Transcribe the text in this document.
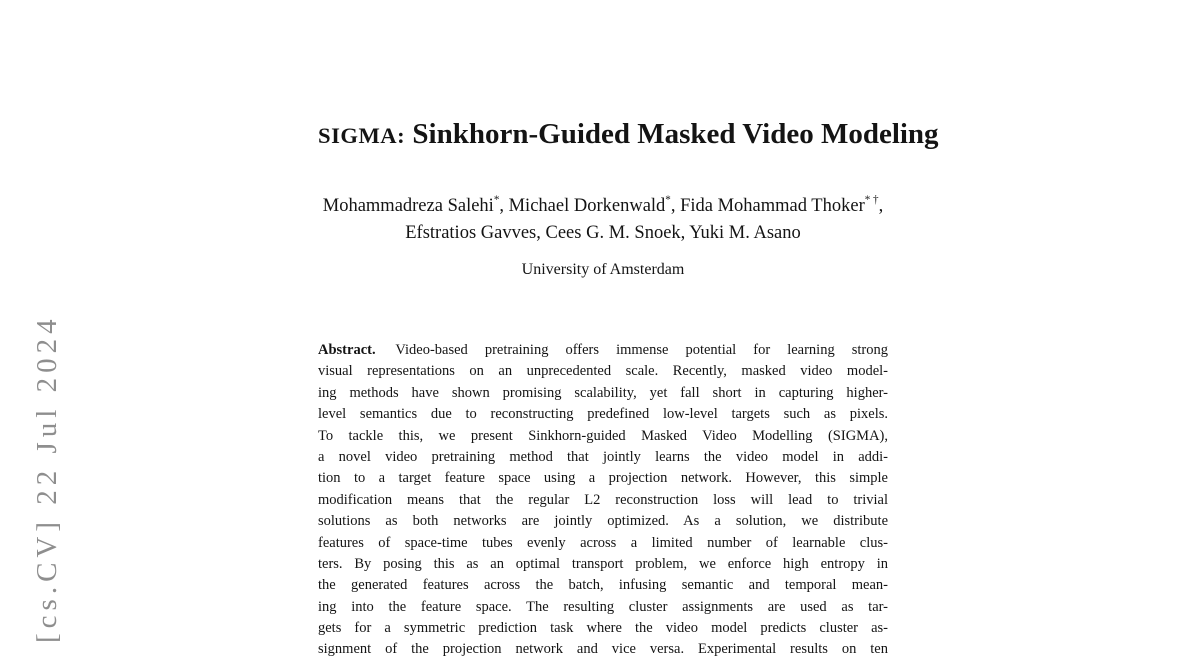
[cs.CV] 22 Jul 2024
SIGMA: Sinkhorn-Guided Masked Video Modeling
Mohammadreza Salehi*, Michael Dorkenwald*, Fida Mohammad Thoker* †,
Efstratios Gavves, Cees G. M. Snoek, Yuki M. Asano
University of Amsterdam
Abstract. Video-based pretraining offers immense potential for learning strong
visual representations on an unprecedented scale. Recently, masked video model-
ing methods have shown promising scalability, yet fall short in capturing higher-
level semantics due to reconstructing predefined low-level targets such as pixels.
To tackle this, we present Sinkhorn-guided Masked Video Modelling (SIGMA),
a novel video pretraining method that jointly learns the video model in addi-
tion to a target feature space using a projection network. However, this simple
modification means that the regular L2 reconstruction loss will lead to trivial
solutions as both networks are jointly optimized. As a solution, we distribute
features of space-time tubes evenly across a limited number of learnable clus-
ters. By posing this as an optimal transport problem, we enforce high entropy in
the generated features across the batch, infusing semantic and temporal mean-
ing into the feature space. The resulting cluster assignments are used as tar-
gets for a symmetric prediction task where the video model predicts cluster as-
signment of the projection network and vice versa. Experimental results on ten
